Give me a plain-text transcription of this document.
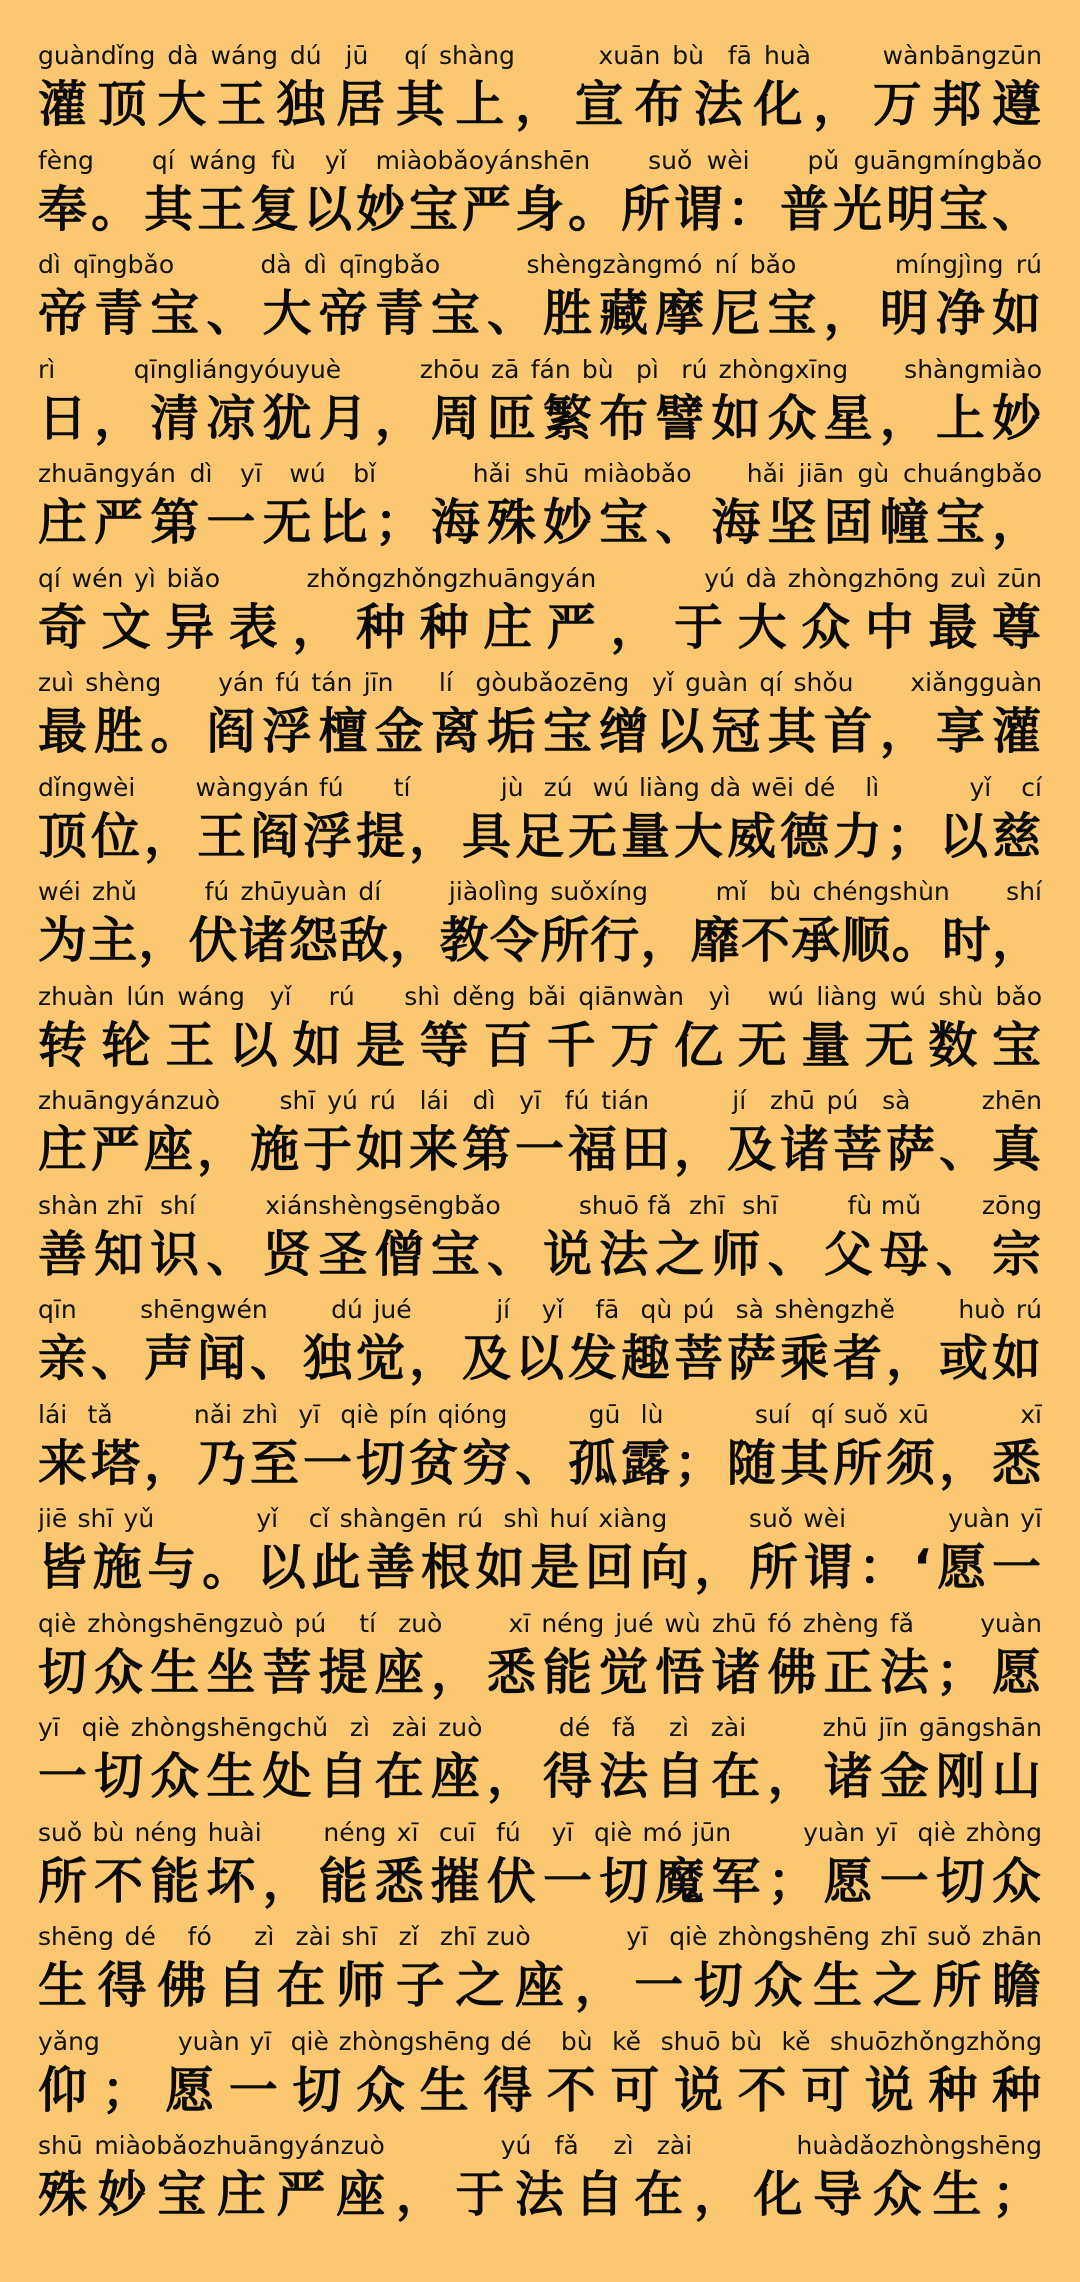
guàndǐng dà wáng dú  jū   qí shàng       xuān bù  fā huà      wànbāngzūn
灌顶大王独居其上，宣布法化，万邦遵
fèng    qí wáng fù  yǐ  miàobǎoyánshēn    suǒ wèi    pǔ guāngmíngbǎo
奉。其王复以妙宝严身。所谓：普光明宝、
dì qīngbǎo       dà dì qīngbǎo       shèngzàngmó ní bǎo        míngjìng rú
帝青宝、大帝青宝、胜藏摩尼宝，明净如
rì       qīngliángyóuyuè       zhōu zā fán bù  pì  rú zhòngxīng     shàngmiào
日，清凉犹月，周匝繁布譬如众星，上妙
zhuāngyán dì  yī  wú  bǐ       hǎi shū miàobǎo    hǎi jiān gù chuángbǎo
庄严第一无比；海殊妙宝、海坚固幢宝，
qí wén yì biǎo        zhǒngzhǒngzhuāngyán          yú dà zhòngzhōng zuì zūn
奇文异表，种种庄严，于大众中最尊
zuì shèng     yán fú tán jīn    lí  gòubǎozēng  yǐ guàn qí shǒu     xiǎngguàn
最胜。阎浮檀金离垢宝缯以冠其首，享灌
dǐngwèi      wàngyán fú     tí         jù  zú  wú liàng dà wēi dé   lì         yǐ   cí
顶位，王阎浮提，具足无量大威德力；以慈
wéi zhǔ      fú zhūyuàn dí      jiàolìng suǒxíng      mǐ  bù chéngshùn     shí
为主，伏诸怨敌，教令所行，靡不承顺。时，
zhuàn lún wáng  yǐ   rú    shì děng bǎi qiānwàn  yì   wú liàng wú shù bǎo
转轮王以如是等百千万亿无量无数宝
zhuāngyánzuò     shī yú rú  lái  dì  yī  fú tián       jí  zhū pú  sà      zhēn
庄严座，施于如来第一福田，及诸菩萨、真
shàn zhī  shí        xiánshèngsēngbǎo         shuō fǎ  zhī  shī        fù mǔ       zōng
善知识、贤圣僧宝、说法之师、父母、宗
qīn      shēngwén      dú jué        jí   yǐ   fā  qù pú  sà shèngzhě      huò rú
亲、声闻、独觉，及以发趣菩萨乘者，或如
lái  tǎ        nǎi zhì  yī  qiè pín qióng        gū  lù         suí  qí suǒ xū         xī
来塔，乃至一切贫穷、孤露；随其所须，悉
jiē shī yǔ          yǐ   cǐ shàngēn rú  shì huí xiàng        suǒ wèi          yuàn yī
皆施与。以此善根如是回向，所谓：‘愿一
qiè zhòngshēngzuò pú   tí  zuò      xī néng jué wù zhū fó zhèng fǎ      yuàn
切众生坐菩提座，悉能觉悟诸佛正法；愿
yī  qiè zhòngshēngchǔ  zì  zài zuò       dé  fǎ   zì  zài       zhū jīn gāngshān
一切众生处自在座，得法自在，诸金刚山
suǒ bù néng huài      néng xī  cuī  fú   yī  qiè mó jūn       yuàn yī  qiè zhòng
所不能坏，能悉摧伏一切魔军；愿一切众
shēng dé   fó    zì  zài shī  zǐ  zhī zuò         yī  qiè zhòngshēng zhī suǒ zhān
生得佛自在师子之座，一切众生之所瞻
yǎng        yuàn yī  qiè zhòngshēng dé   bù  kě  shuō bù  kě  shuōzhǒngzhǒng
仰；愿一切众生得不可说不可说种种
shū miàobǎozhuāngyánzuò          yú  fǎ   zì  zài         huàdǎozhòngshēng
殊妙宝庄严座，于法自在，化导众生；
